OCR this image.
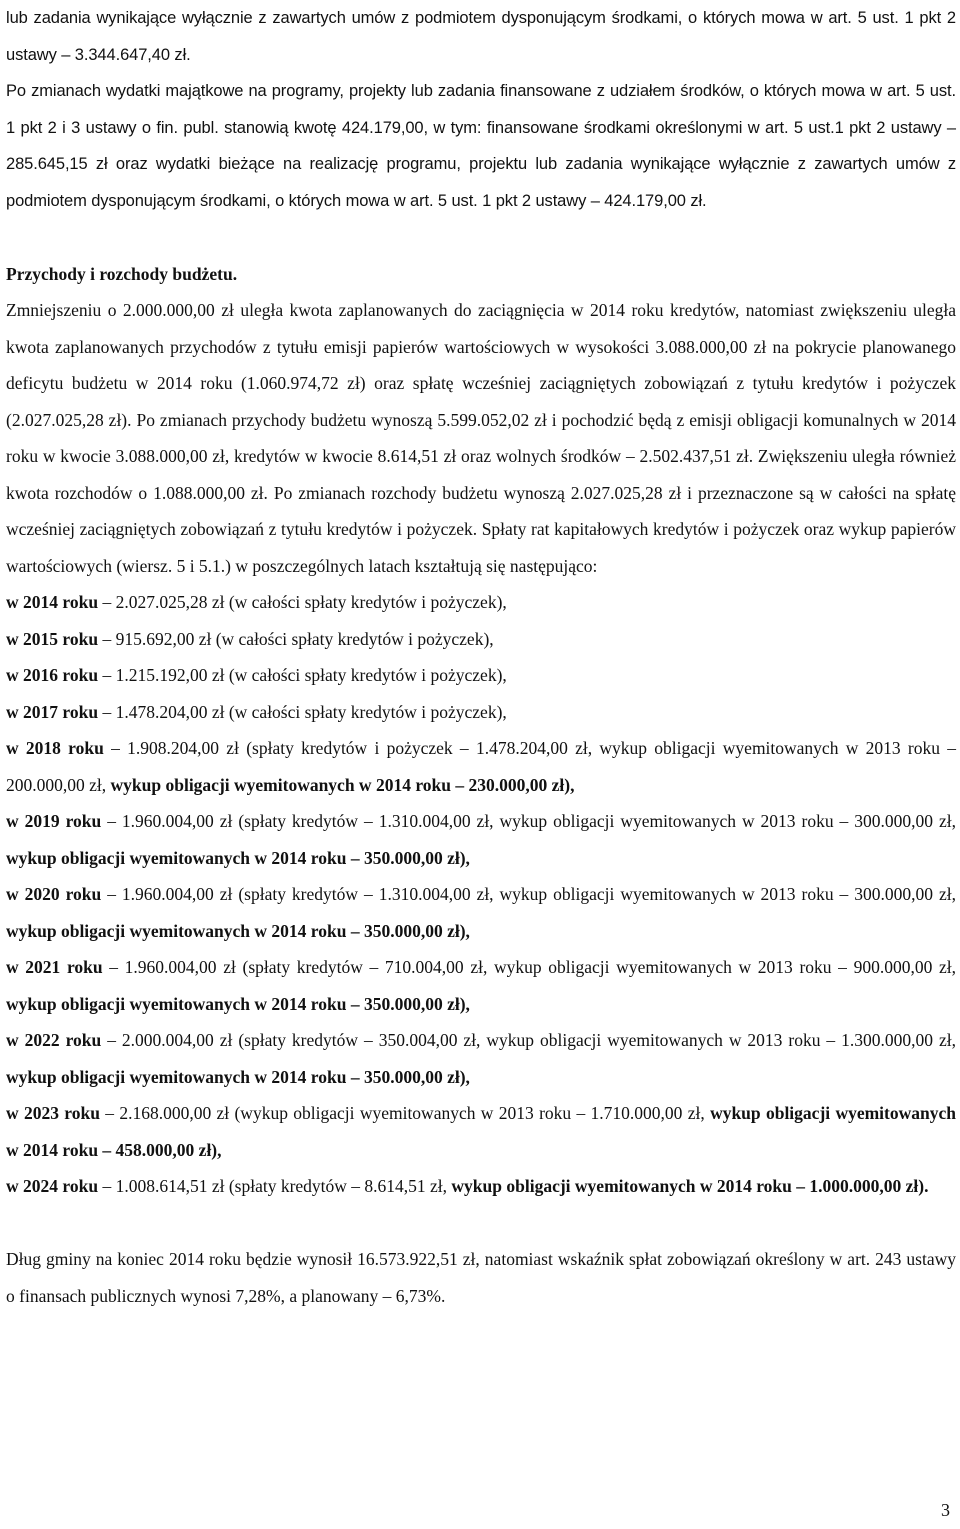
lub zadania wynikające wyłącznie z zawartych umów z podmiotem dysponującym środkami, o których mowa w art. 5 ust. 1 pkt 2 ustawy – 3.344.647,40 zł.

Po zmianach wydatki majątkowe na programy, projekty lub zadania finansowane z udziałem środków, o których mowa w art. 5 ust. 1 pkt 2 i 3 ustawy o fin. publ. stanowią kwotę 424.179,00, w tym: finansowane środkami określonymi w art. 5 ust.1 pkt 2 ustawy – 285.645,15 zł oraz wydatki bieżące na realizację programu, projektu lub zadania wynikające wyłącznie z zawartych umów z podmiotem dysponującym środkami, o których mowa w art. 5 ust. 1 pkt 2 ustawy – 424.179,00 zł.

Przychody i rozchody budżetu.

Zmniejszeniu o 2.000.000,00 zł uległa kwota zaplanowanych do zaciągnięcia w 2014 roku kredytów, natomiast zwiększeniu uległa kwota zaplanowanych przychodów z tytułu emisji papierów wartościowych w wysokości 3.088.000,00 zł na pokrycie planowanego deficytu budżetu w 2014 roku (1.060.974,72 zł) oraz spłatę wcześniej zaciągniętych zobowiązań z tytułu kredytów i pożyczek (2.027.025,28 zł). Po zmianach przychody budżetu wynoszą 5.599.052,02 zł i pochodzić będą z emisji obligacji komunalnych w 2014 roku w kwocie 3.088.000,00 zł, kredytów w kwocie 8.614,51 zł oraz wolnych środków – 2.502.437,51 zł. Zwiększeniu uległa również kwota rozchodów o 1.088.000,00 zł. Po zmianach rozchody budżetu wynoszą 2.027.025,28 zł i przeznaczone są w całości na spłatę wcześniej zaciągniętych zobowiązań z tytułu kredytów i pożyczek. Spłaty rat kapitałowych kredytów i pożyczek oraz wykup papierów wartościowych (wiersz. 5 i 5.1.) w poszczególnych latach kształtują się następująco:

w 2014 roku – 2.027.025,28 zł (w całości spłaty kredytów i pożyczek),

w 2015 roku – 915.692,00 zł (w całości spłaty kredytów i pożyczek),

w 2016 roku – 1.215.192,00 zł (w całości spłaty kredytów i pożyczek),

w 2017 roku – 1.478.204,00 zł (w całości spłaty kredytów i pożyczek),

w 2018 roku – 1.908.204,00 zł (spłaty kredytów i pożyczek – 1.478.204,00 zł, wykup obligacji wyemitowanych w 2013 roku – 200.000,00 zł, wykup obligacji wyemitowanych w 2014 roku – 230.000,00 zł),

w 2019 roku – 1.960.004,00 zł (spłaty kredytów – 1.310.004,00 zł, wykup obligacji wyemitowanych w 2013 roku – 300.000,00 zł, wykup obligacji wyemitowanych w 2014 roku – 350.000,00 zł),

w 2020 roku – 1.960.004,00 zł (spłaty kredytów – 1.310.004,00 zł, wykup obligacji wyemitowanych w 2013 roku – 300.000,00 zł, wykup obligacji wyemitowanych w 2014 roku – 350.000,00 zł),

w 2021 roku – 1.960.004,00 zł (spłaty kredytów – 710.004,00 zł, wykup obligacji wyemitowanych w 2013 roku – 900.000,00 zł, wykup obligacji wyemitowanych w 2014 roku – 350.000,00 zł),

w 2022 roku – 2.000.004,00 zł (spłaty kredytów – 350.004,00 zł, wykup obligacji wyemitowanych w 2013 roku – 1.300.000,00 zł, wykup obligacji wyemitowanych w 2014 roku – 350.000,00 zł),

w 2023 roku – 2.168.000,00 zł (wykup obligacji wyemitowanych w 2013 roku – 1.710.000,00 zł, wykup obligacji wyemitowanych w 2014 roku – 458.000,00 zł),

w 2024 roku – 1.008.614,51 zł (spłaty kredytów – 8.614,51 zł, wykup obligacji wyemitowanych w 2014 roku – 1.000.000,00 zł).

Dług gminy na koniec 2014 roku będzie wynosił 16.573.922,51 zł, natomiast wskaźnik spłat zobowiązań określony w art. 243 ustawy o finansach publicznych wynosi 7,28%, a planowany – 6,73%.

3
